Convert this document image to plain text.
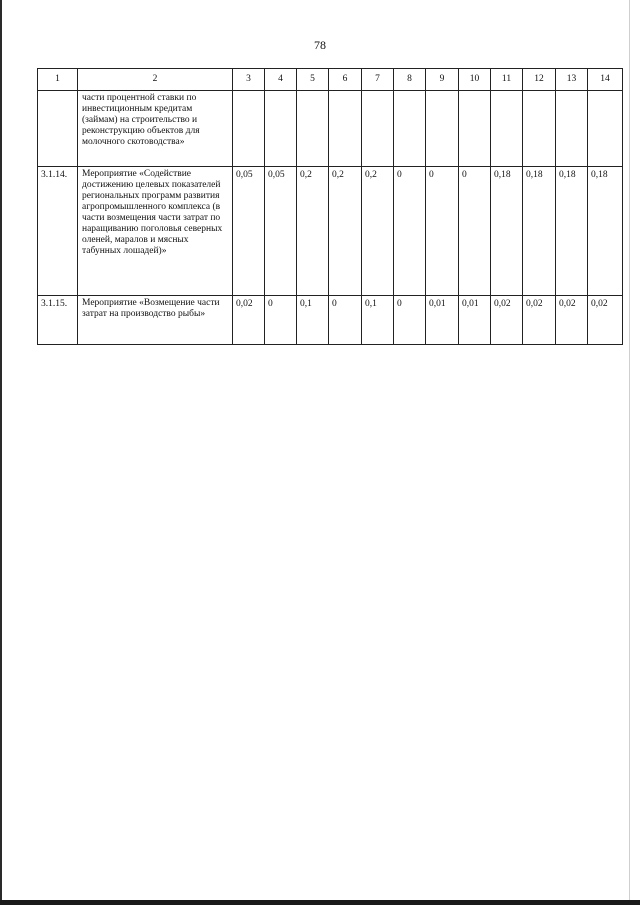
78
1	2	3	4	5	6	7	8	9	10	11	12	13	14
	части процентной ставки по инвестиционным кредитам (займам) на строительство и реконструкцию объектов для молочного скотоводства»												
3.1.14.	Мероприятие «Содействие достижению целевых показателей региональных программ развития агропромышленного комплекса (в части возмещения части затрат по наращиванию поголовья северных оленей, маралов и мясных табунных лошадей)»	0,05	0,05	0,2	0,2	0,2	0	0	0	0,18	0,18	0,18	0,18
3.1.15.	Мероприятие «Возмещение части затрат на производство рыбы»	0,02	0	0,1	0	0,1	0	0,01	0,01	0,02	0,02	0,02	0,02
